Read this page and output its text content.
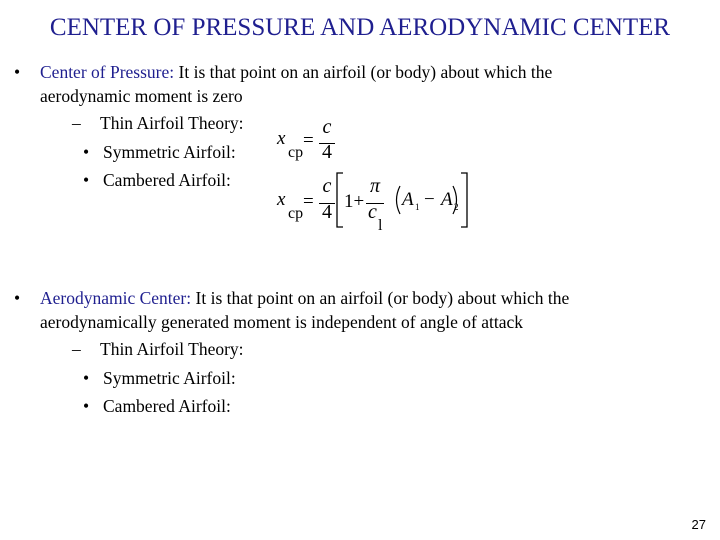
CENTER OF PRESSURE AND AERODYNAMIC CENTER
• Center of Pressure: It is that point on an airfoil (or body) about which the
aerodynamic moment is zero
– Thin Airfoil Theory:
• Symmetric Airfoil:
• Cambered Airfoil:
x
cp
=
c
4
x
cp
=
c
4 1+
π
c
l
A 1 − A 2
• Aerodynamic Center: It is that point on an airfoil (or body) about which the
aerodynamically generated moment is independent of angle of attack
– Thin Airfoil Theory:
• Symmetric Airfoil:
• Cambered Airfoil:
27
